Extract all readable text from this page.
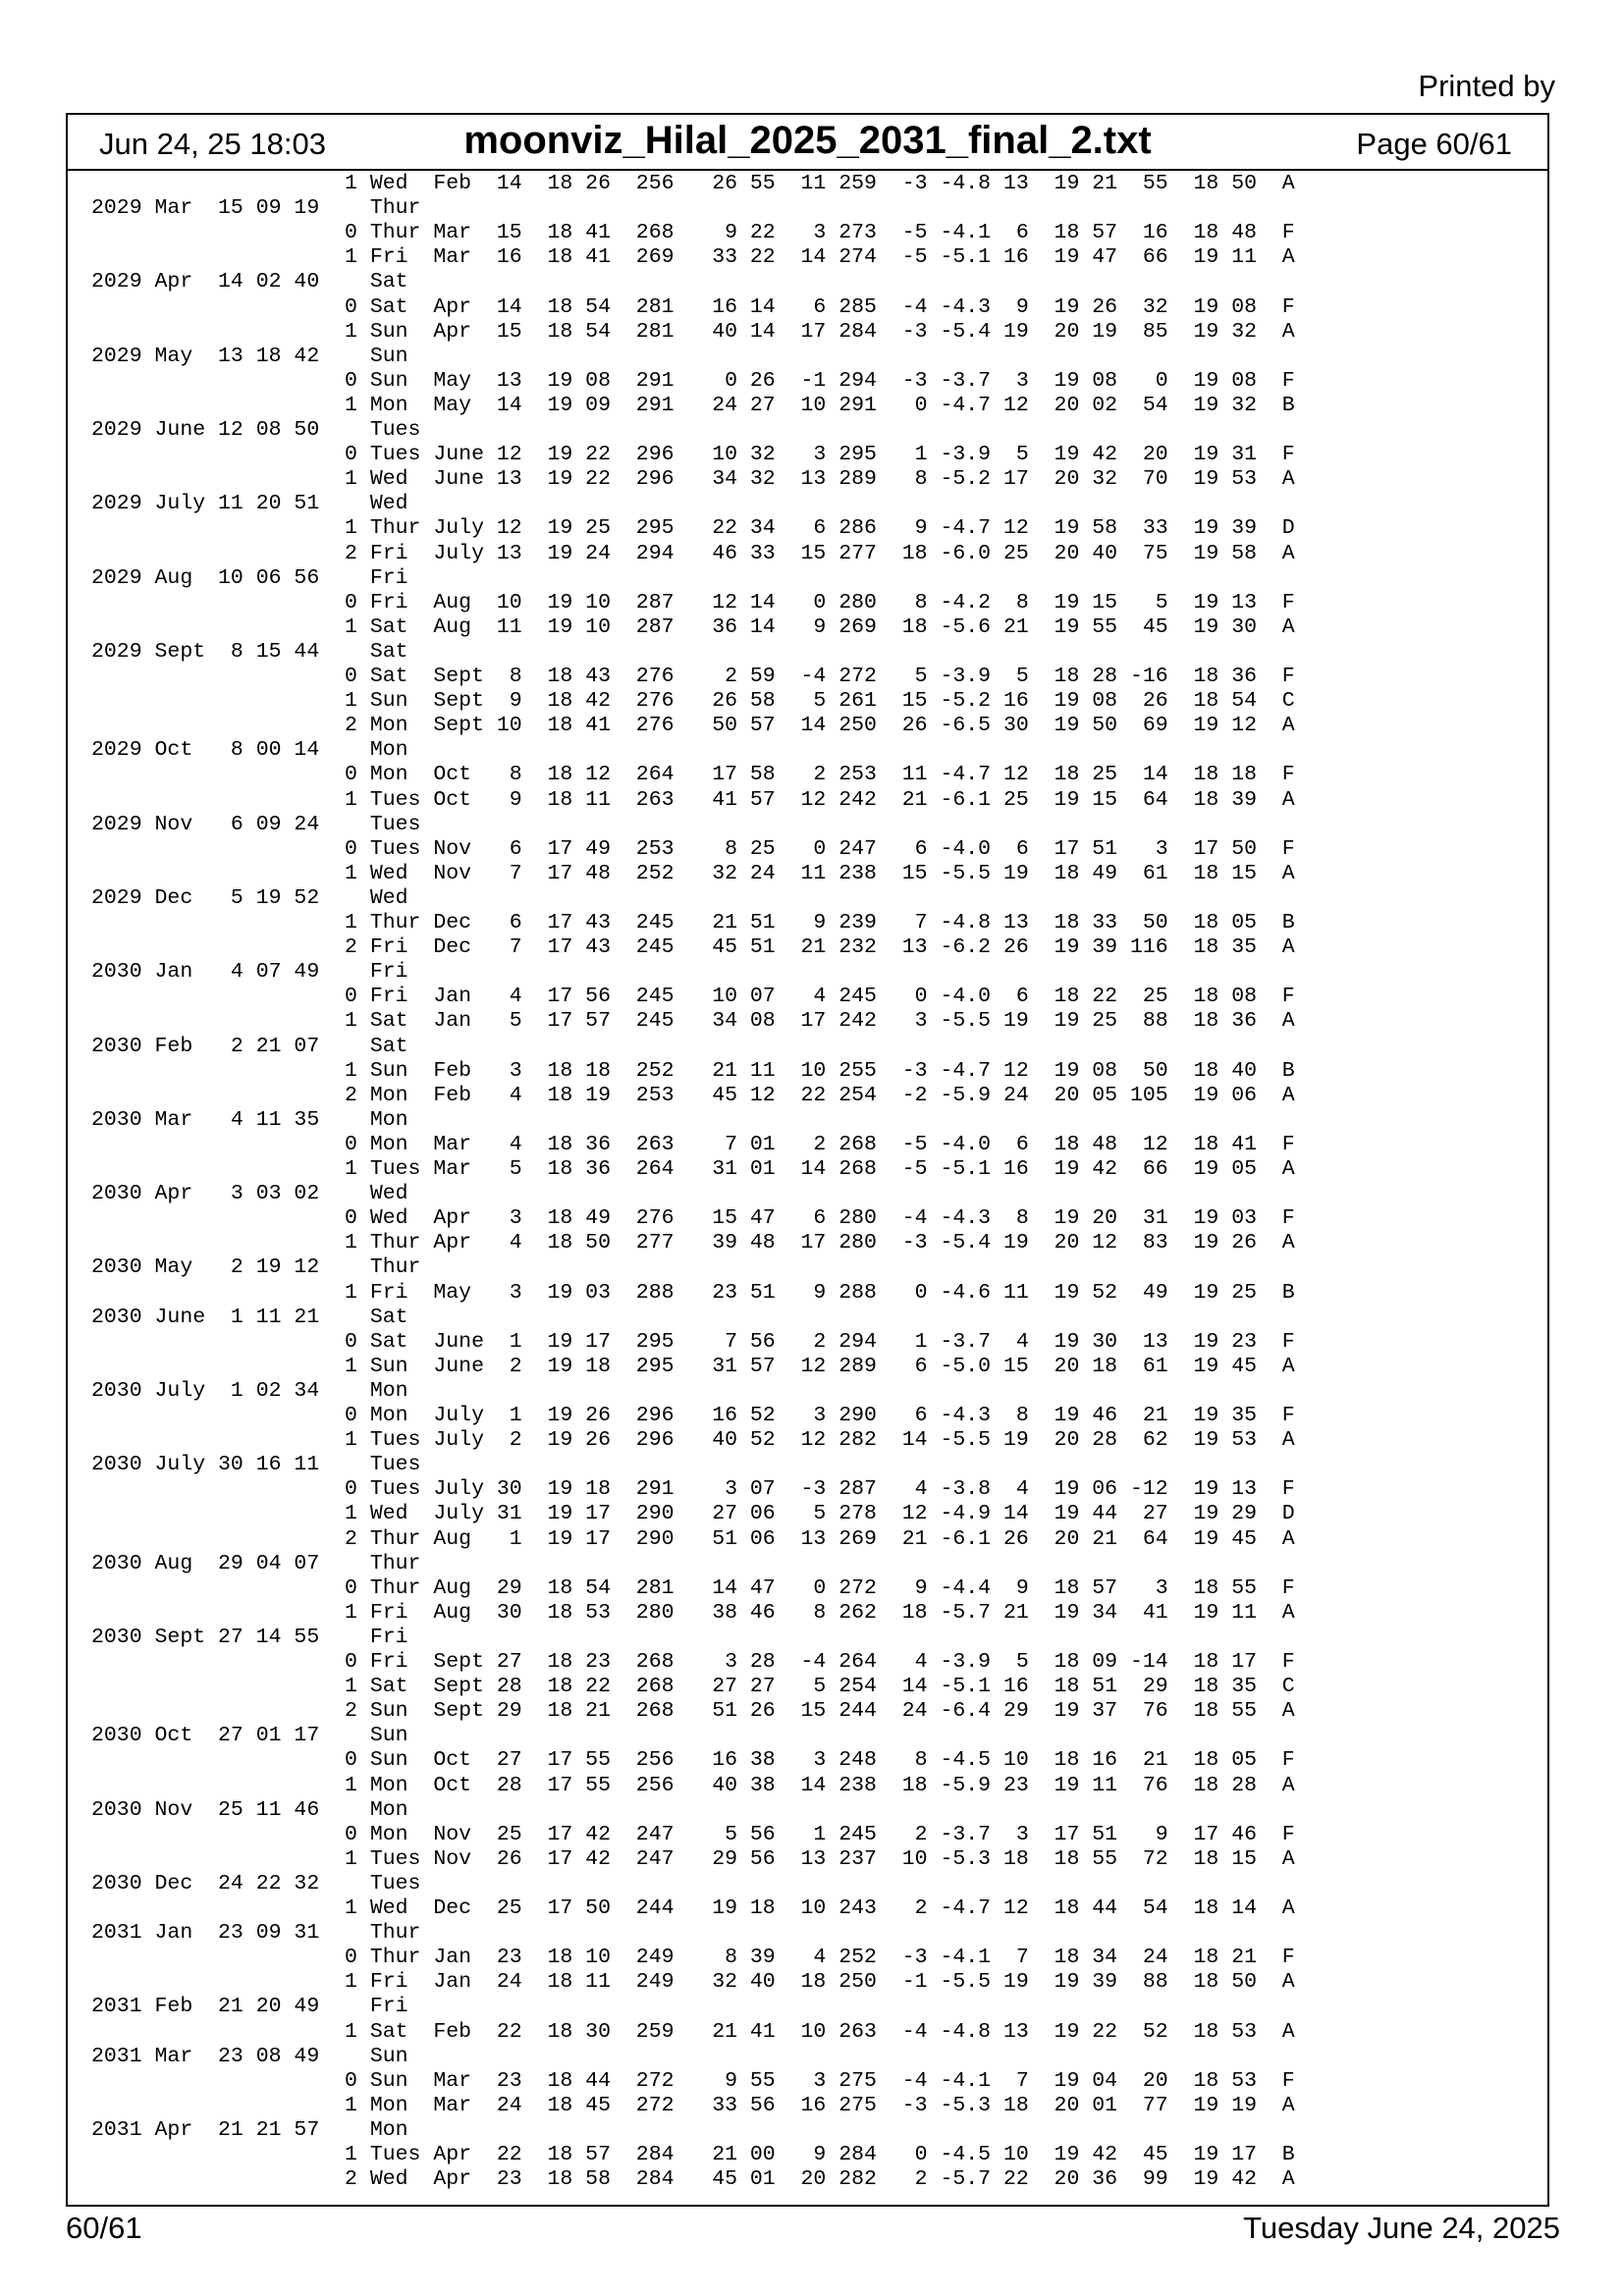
Printed by
Jun 24, 25 18:03	moonviz_Hilal_2025_2031_final_2.txt	Page 60/61
1 Wed  Feb  14  18 26  256   26 55  11 259  -3 -4.8 13  19 21  55  18 50  A
2029 Mar  15 09 19    Thur
0 Thur Mar  15  18 41  268    9 22   3 273  -5 -4.1  6  18 57  16  18 48  F
1 Fri  Mar  16  18 41  269   33 22  14 274  -5 -5.1 16  19 47  66  19 11  A
2029 Apr  14 02 40    Sat
0 Sat  Apr  14  18 54  281   16 14   6 285  -4 -4.3  9  19 26  32  19 08  F
1 Sun  Apr  15  18 54  281   40 14  17 284  -3 -5.4 19  20 19  85  19 32  A
2029 May  13 18 42    Sun
0 Sun  May  13  19 08  291    0 26  -1 294  -3 -3.7  3  19 08   0  19 08  F
1 Mon  May  14  19 09  291   24 27  10 291   0 -4.7 12  20 02  54  19 32  B
2029 June 12 08 50    Tues
0 Tues June 12  19 22  296   10 32   3 295   1 -3.9  5  19 42  20  19 31  F
1 Wed  June 13  19 22  296   34 32  13 289   8 -5.2 17  20 32  70  19 53  A
2029 July 11 20 51    Wed
1 Thur July 12  19 25  295   22 34   6 286   9 -4.7 12  19 58  33  19 39  D
2 Fri  July 13  19 24  294   46 33  15 277  18 -6.0 25  20 40  75  19 58  A
2029 Aug  10 06 56    Fri
0 Fri  Aug  10  19 10  287   12 14   0 280   8 -4.2  8  19 15   5  19 13  F
1 Sat  Aug  11  19 10  287   36 14   9 269  18 -5.6 21  19 55  45  19 30  A
2029 Sept  8 15 44    Sat
0 Sat  Sept  8  18 43  276    2 59  -4 272   5 -3.9  5  18 28 -16  18 36  F
1 Sun  Sept  9  18 42  276   26 58   5 261  15 -5.2 16  19 08  26  18 54  C
2 Mon  Sept 10  18 41  276   50 57  14 250  26 -6.5 30  19 50  69  19 12  A
2029 Oct   8 00 14    Mon
0 Mon  Oct   8  18 12  264   17 58   2 253  11 -4.7 12  18 25  14  18 18  F
1 Tues Oct   9  18 11  263   41 57  12 242  21 -6.1 25  19 15  64  18 39  A
2029 Nov   6 09 24    Tues
0 Tues Nov   6  17 49  253    8 25   0 247   6 -4.0  6  17 51   3  17 50  F
1 Wed  Nov   7  17 48  252   32 24  11 238  15 -5.5 19  18 49  61  18 15  A
2029 Dec   5 19 52    Wed
1 Thur Dec   6  17 43  245   21 51   9 239   7 -4.8 13  18 33  50  18 05  B
2 Fri  Dec   7  17 43  245   45 51  21 232  13 -6.2 26  19 39 116  18 35  A
2030 Jan   4 07 49    Fri
0 Fri  Jan   4  17 56  245   10 07   4 245   0 -4.0  6  18 22  25  18 08  F
1 Sat  Jan   5  17 57  245   34 08  17 242   3 -5.5 19  19 25  88  18 36  A
2030 Feb   2 21 07    Sat
1 Sun  Feb   3  18 18  252   21 11  10 255  -3 -4.7 12  19 08  50  18 40  B
2 Mon  Feb   4  18 19  253   45 12  22 254  -2 -5.9 24  20 05 105  19 06  A
2030 Mar   4 11 35    Mon
0 Mon  Mar   4  18 36  263    7 01   2 268  -5 -4.0  6  18 48  12  18 41  F
1 Tues Mar   5  18 36  264   31 01  14 268  -5 -5.1 16  19 42  66  19 05  A
2030 Apr   3 03 02    Wed
0 Wed  Apr   3  18 49  276   15 47   6 280  -4 -4.3  8  19 20  31  19 03  F
1 Thur Apr   4  18 50  277   39 48  17 280  -3 -5.4 19  20 12  83  19 26  A
2030 May   2 19 12    Thur
1 Fri  May   3  19 03  288   23 51   9 288   0 -4.6 11  19 52  49  19 25  B
2030 June  1 11 21    Sat
0 Sat  June  1  19 17  295    7 56   2 294   1 -3.7  4  19 30  13  19 23  F
1 Sun  June  2  19 18  295   31 57  12 289   6 -5.0 15  20 18  61  19 45  A
2030 July  1 02 34    Mon
0 Mon  July  1  19 26  296   16 52   3 290   6 -4.3  8  19 46  21  19 35  F
1 Tues July  2  19 26  296   40 52  12 282  14 -5.5 19  20 28  62  19 53  A
2030 July 30 16 11    Tues
0 Tues July 30  19 18  291    3 07  -3 287   4 -3.8  4  19 06 -12  19 13  F
1 Wed  July 31  19 17  290   27 06   5 278  12 -4.9 14  19 44  27  19 29  D
2 Thur Aug   1  19 17  290   51 06  13 269  21 -6.1 26  20 21  64  19 45  A
2030 Aug  29 04 07    Thur
0 Thur Aug  29  18 54  281   14 47   0 272   9 -4.4  9  18 57   3  18 55  F
1 Fri  Aug  30  18 53  280   38 46   8 262  18 -5.7 21  19 34  41  19 11  A
2030 Sept 27 14 55    Fri
0 Fri  Sept 27  18 23  268    3 28  -4 264   4 -3.9  5  18 09 -14  18 17  F
1 Sat  Sept 28  18 22  268   27 27   5 254  14 -5.1 16  18 51  29  18 35  C
2 Sun  Sept 29  18 21  268   51 26  15 244  24 -6.4 29  19 37  76  18 55  A
2030 Oct  27 01 17    Sun
0 Sun  Oct  27  17 55  256   16 38   3 248   8 -4.5 10  18 16  21  18 05  F
1 Mon  Oct  28  17 55  256   40 38  14 238  18 -5.9 23  19 11  76  18 28  A
2030 Nov  25 11 46    Mon
0 Mon  Nov  25  17 42  247    5 56   1 245   2 -3.7  3  17 51   9  17 46  F
1 Tues Nov  26  17 42  247   29 56  13 237  10 -5.3 18  18 55  72  18 15  A
2030 Dec  24 22 32    Tues
1 Wed  Dec  25  17 50  244   19 18  10 243   2 -4.7 12  18 44  54  18 14  A
2031 Jan  23 09 31    Thur
0 Thur Jan  23  18 10  249    8 39   4 252  -3 -4.1  7  18 34  24  18 21  F
1 Fri  Jan  24  18 11  249   32 40  18 250  -1 -5.5 19  19 39  88  18 50  A
2031 Feb  21 20 49    Fri
1 Sat  Feb  22  18 30  259   21 41  10 263  -4 -4.8 13  19 22  52  18 53  A
2031 Mar  23 08 49    Sun
0 Sun  Mar  23  18 44  272    9 55   3 275  -4 -4.1  7  19 04  20  18 53  F
1 Mon  Mar  24  18 45  272   33 56  16 275  -3 -5.3 18  20 01  77  19 19  A
2031 Apr  21 21 57    Mon
1 Tues Apr  22  18 57  284   21 00   9 284   0 -4.5 10  19 42  45  19 17  B
2 Wed  Apr  23  18 58  284   45 01  20 282   2 -5.7 22  20 36  99  19 42  A
60/61	Tuesday June 24, 2025
